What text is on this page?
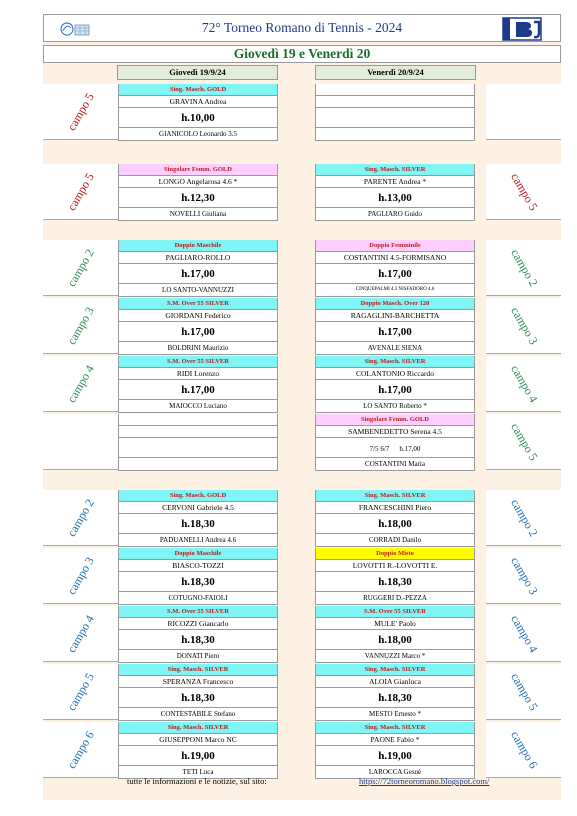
72° Torneo Romano di Tennis - 2024
Giovedì 19 e Venerdì 20
Giovedì 19/9/24	Venerdì 20/9/24
campo 5
Sing. Masch. GOLD
GRAVINA Andrea
h.10,00
GIANICOLO Leonardo 3.5
campo 5
Singolare Femm. GOLD
LONGO Angelarosa 4.6 *
h.12,30
NOVELLI Giuliana
Sing. Masch. SILVER
PARENTE Andrea *
h.13,00
PAGLIARO Guido
campo 5
campo 2
Doppio Maschile
PAGLIARO-ROLLO
h.17,00
LO SANTO-VANNUZZI
Doppio Femminile
COSTANTINI 4.5-FORMISANO
h.17,00
CINQUEPALMI 4.3 NISFADORO 4.6
campo 2
campo 3
S.M. Over 55 SILVER
GIORDANI Federico
h.17,00
BOLDRINI Maurizio
Doppio Masch. Over 120
RAGAGLINI-BARCHETTA
h.17,00
AVENALE SIENA
campo 3
campo 4
S.M. Over 55 SILVER
RIDI Lorenzo
h.17,00
MAIOCCO Luciano
Sing. Masch. SILVER
COLANTONIO Riccardo
h.17,00
LO SANTO Roberto *
campo 4
Singolare Femm. GOLD
SAMBENEDETTO Serena 4.5
7/5 6/7 h.17,00
COSTANTINI Maria
campo 5
campo 2
Sing. Masch. GOLD
CERVONI Gabriele 4.5
h.18,30
PADUANELLI Andrea 4.6
Sing. Masch. SILVER
FRANCESCHINI Piero
h.18,00
CORRADI Danilo
campo 2
campo 3
Doppio Maschile
BIASCO-TOZZI
h.18,30
COTUGNO-FAIOLI
Doppio Misto
LOVOTTI R.-LOVOTTI E.
h.18,30
RUGGERI D.-PEZZA
campo 3
campo 4
S.M. Over 55 SILVER
RICOZZI Giancarlo
h.18,30
DONATI Piero
S.M. Over 55 SILVER
MULE' Paolo
h.18,00
VANNUZZI Marco *
campo 4
campo 5
Sing. Masch. SILVER
SPERANZA Francesco
h.18,30
CONTESTABILE Stefano
Sing. Masch. SILVER
ALOIA Gianluca
h.18,30
MESTO Ernesto *
campo 5
campo 6
Sing. Masch. SILVER
GIUSEPPONI Marco NC
h.19,00
TETI Luca
Sing. Masch. SILVER
PAONE Fabio *
h.19,00
LAROCCA Gesuè
campo 6
tutte le informazioni e le notizie, sul sito:	https://72torneoromano.blogspot.com/
